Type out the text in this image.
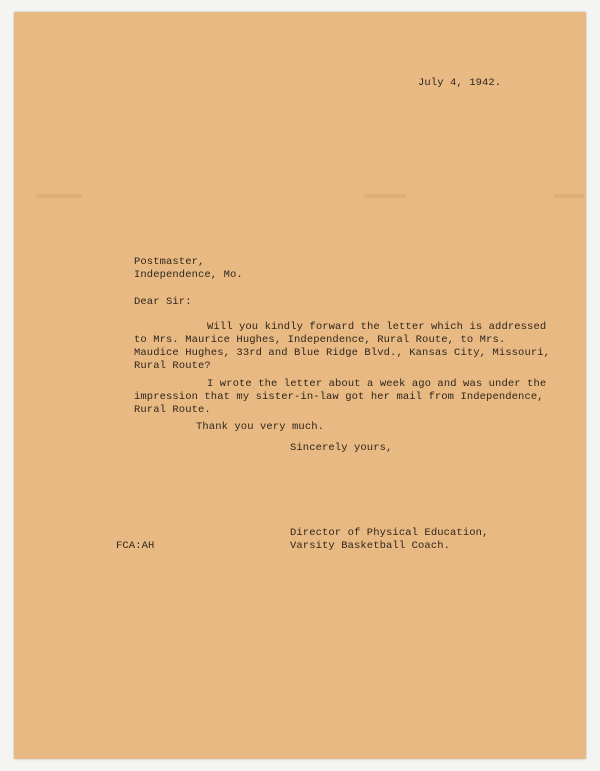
July 4, 1942.
Postmaster,
Independence, Mo.
Dear Sir:
Will you kindly forward the letter which is addressed
to Mrs. Maurice Hughes, Independence, Rural Route, to Mrs.
Maudice Hughes, 33rd and Blue Ridge Blvd., Kansas City, Missouri,
Rural Route?
I wrote the letter about a week ago and was under the
impression that my sister-in-law got her mail from Independence,
Rural Route.
Thank you very much.
Sincerely yours,
Director of Physical Education,
Varsity Basketball Coach.
FCA:AH
